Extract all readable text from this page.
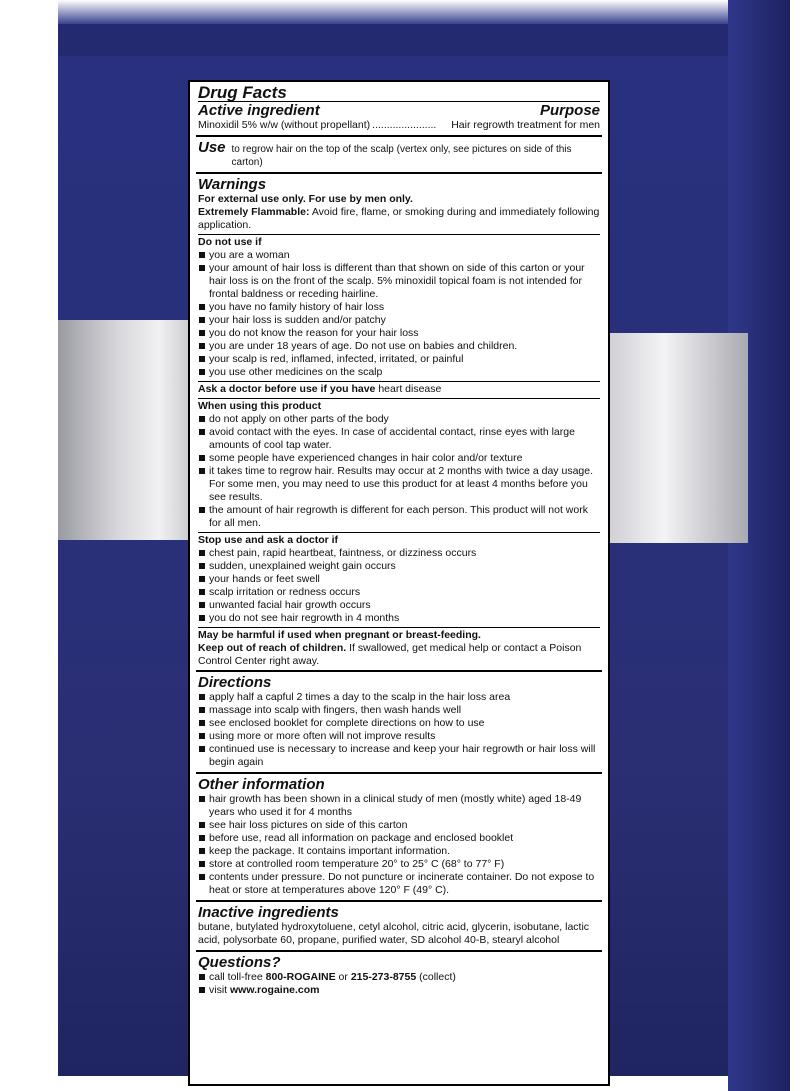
Drug Facts
Active ingredient	Purpose
Minoxidil 5% w/w (without propellant) ......................	Hair regrowth treatment for men
Use to regrow hair on the top of the scalp (vertex only, see pictures on side of this carton)
Warnings
For external use only. For use by men only.
Extremely Flammable: Avoid fire, flame, or smoking during and immediately following application.
Do not use if
you are a woman
your amount of hair loss is different than that shown on side of this carton or your hair loss is on the front of the scalp. 5% minoxidil topical foam is not intended for frontal baldness or receding hairline.
you have no family history of hair loss
your hair loss is sudden and/or patchy
you do not know the reason for your hair loss
you are under 18 years of age. Do not use on babies and children.
your scalp is red, inflamed, infected, irritated, or painful
you use other medicines on the scalp
Ask a doctor before use if you have heart disease
When using this product
do not apply on other parts of the body
avoid contact with the eyes. In case of accidental contact, rinse eyes with large amounts of cool tap water.
some people have experienced changes in hair color and/or texture
it takes time to regrow hair. Results may occur at 2 months with twice a day usage. For some men, you may need to use this product for at least 4 months before you see results.
the amount of hair regrowth is different for each person. This product will not work for all men.
Stop use and ask a doctor if
chest pain, rapid heartbeat, faintness, or dizziness occurs
sudden, unexplained weight gain occurs
your hands or feet swell
scalp irritation or redness occurs
unwanted facial hair growth occurs
you do not see hair regrowth in 4 months
May be harmful if used when pregnant or breast-feeding.
Keep out of reach of children. If swallowed, get medical help or contact a Poison Control Center right away.
Directions
apply half a capful 2 times a day to the scalp in the hair loss area
massage into scalp with fingers, then wash hands well
see enclosed booklet for complete directions on how to use
using more or more often will not improve results
continued use is necessary to increase and keep your hair regrowth or hair loss will begin again
Other information
hair growth has been shown in a clinical study of men (mostly white) aged 18-49 years who used it for 4 months
see hair loss pictures on side of this carton
before use, read all information on package and enclosed booklet
keep the package. It contains important information.
store at controlled room temperature 20° to 25° C (68° to 77° F)
contents under pressure. Do not puncture or incinerate container. Do not expose to heat or store at temperatures above 120° F (49° C).
Inactive ingredients
butane, butylated hydroxytoluene, cetyl alcohol, citric acid, glycerin, isobutane, lactic acid, polysorbate 60, propane, purified water, SD alcohol 40-B, stearyl alcohol
Questions?
call toll-free 800-ROGAINE or 215-273-8755 (collect)
visit www.rogaine.com
